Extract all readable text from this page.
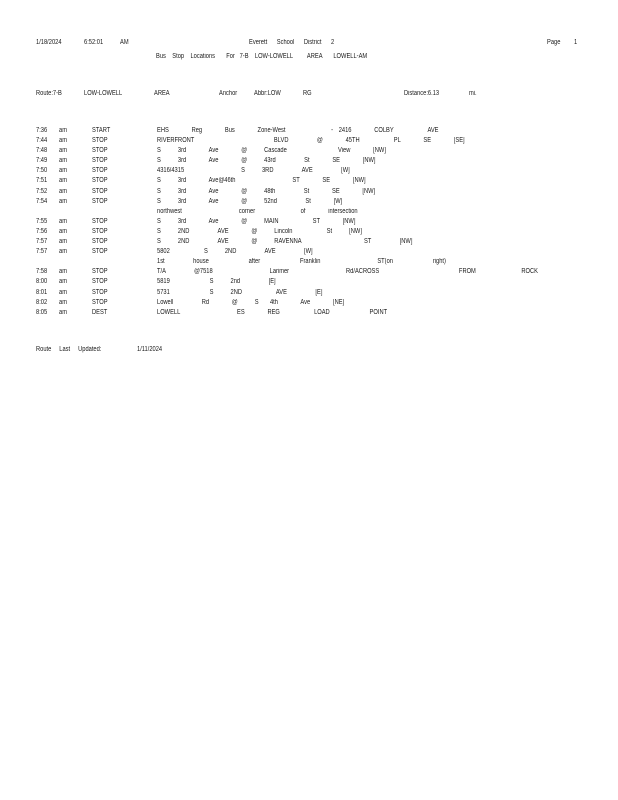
1/18/2024	6:52:01 AM	Everett      School      District      2	Page 1
Bus    Stop    Locations       For   7-B    LOW-LOWELL         AREA       LOWELL-AM
Route:7-B	LOW-LOWELL	AREA	Anchor Abbr:LOW	RG	Distance:6.13	mi.
7:36 am	START	EHS    Reg    Bus    Zone-West        - 2416    COLBY      AVE
7:44 am	STOP	RIVERFRONT              BLVD     @    45TH      PL    SE    [SE]
7:48 am	STOP	S   3rd    Ave    @   Cascade         View    [NW]
7:49 am	STOP	S   3rd    Ave    @   43rd     St    SE    [NW]
7:50 am	STOP	4316/4315          S   3RD     AVE     [W]
7:51 am	STOP	S   3rd    Ave@46th          ST    SE    [NW]
7:52 am	STOP	S   3rd    Ave    @   48th     St    SE    [NW]
7:54 am	STOP	S   3rd    Ave    @   52nd     St    [W]
northwest          corner        of    intersection
7:55 am	STOP	S   3rd    Ave    @   MAIN      ST    [NW]
7:56 am	STOP	S   2ND     AVE    @   Lincoln      St   [NW]
7:57 am	STOP	S   2ND     AVE    @   RAVENNA           ST     [NW]
7:57 am	STOP	5802      S   2ND     AVE     [W]
1st     house       after       Franklin          ST(on       right)
7:58 am	STOP	T/A     @7518          Larimer          Rd/ACROSS              FROM        ROCK
8:00 am	STOP	5819       S   2nd     [E]
8:01 am	STOP	5731       S   2ND      AVE     [E]
8:02 am	STOP	Lowell     Rd    @   S  4th    Ave    [NE]
8:05 am	DEST	LOWELL          ES    REG      LOAD       POINT
Route     Last     Updated:	1/11/2024
